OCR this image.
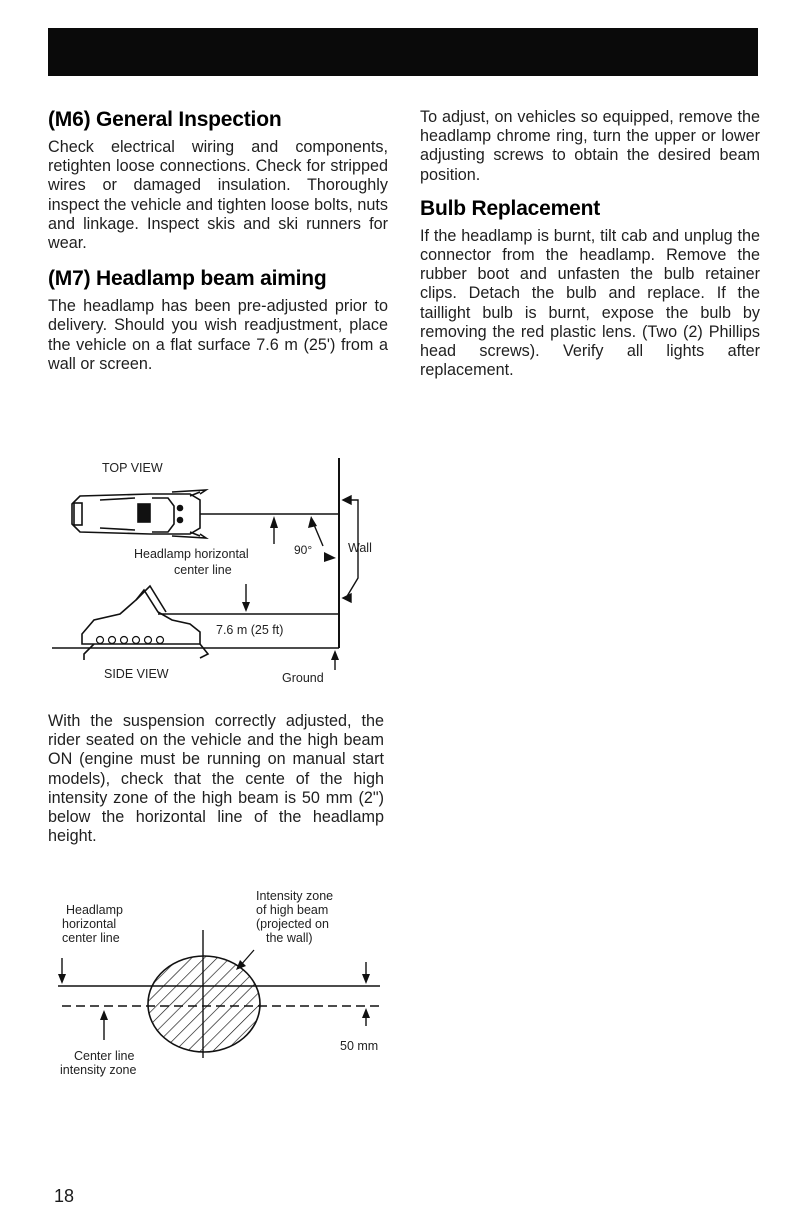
(M6) General Inspection

Check electrical wiring and components, retighten loose connections. Check for stripped wires or damaged insulation. Thoroughly inspect the vehicle and tighten loose bolts, nuts and linkage. Inspect skis and ski runners for wear.

(M7) Headlamp beam aiming

The headlamp has been pre-adjusted prior to delivery. Should you wish readjustment, place the vehicle on a flat surface 7.6 m (25') from a wall or screen.

To adjust, on vehicles so equipped, remove the headlamp chrome ring, turn the upper or lower adjusting screws to obtain the desired beam position.

Bulb Replacement

If the headlamp is burnt, tilt cab and unplug the connector from the headlamp. Remove the rubber boot and unfasten the bulb retainer clips. Detach the bulb and replace. If the taillight bulb is burnt, expose the bulb by removing the red plastic lens. (Two (2) Phillips head screws). Verify all lights after replacement.

TOP VIEW
90°	Wall
Headlamp horizontal
center line
7.6 m (25 ft)
SIDE VIEW	Ground

With the suspension correctly adjusted, the rider seated on the vehicle and the high beam ON (engine must be running on manual start models), check that the cente of the high intensity zone of the high beam is 50 mm (2") below the horizontal line of the headlamp height.

Headlamp
horizontal
center line
Intensity zone
of high beam
(projected on
the wall)
50 mm
Center line
intensity zone
18
